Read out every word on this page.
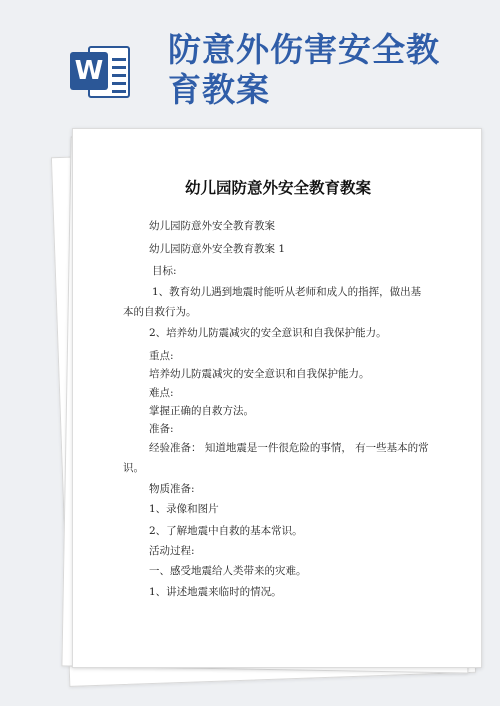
W
防意外伤害安全教
育教案
幼儿园防意外安全教育教案
幼儿园防意外安全教育教案
幼儿园防意外安全教育教案 1
目标:
1、教育幼儿遇到地震时能听从老师和成人的指挥，做出基
本的自救行为。
2、培养幼儿防震减灾的安全意识和自我保护能力。
重点:
培养幼儿防震减灾的安全意识和自我保护能力。
难点:
掌握正确的自救方法。
准备:
经验准备： 知道地震是一件很危险的事情， 有一些基本的常
识。
物质准备:
1、录像和图片
2、了解地震中自救的基本常识。
活动过程:
一、感受地震给人类带来的灾难。
1、讲述地震来临时的情况。
